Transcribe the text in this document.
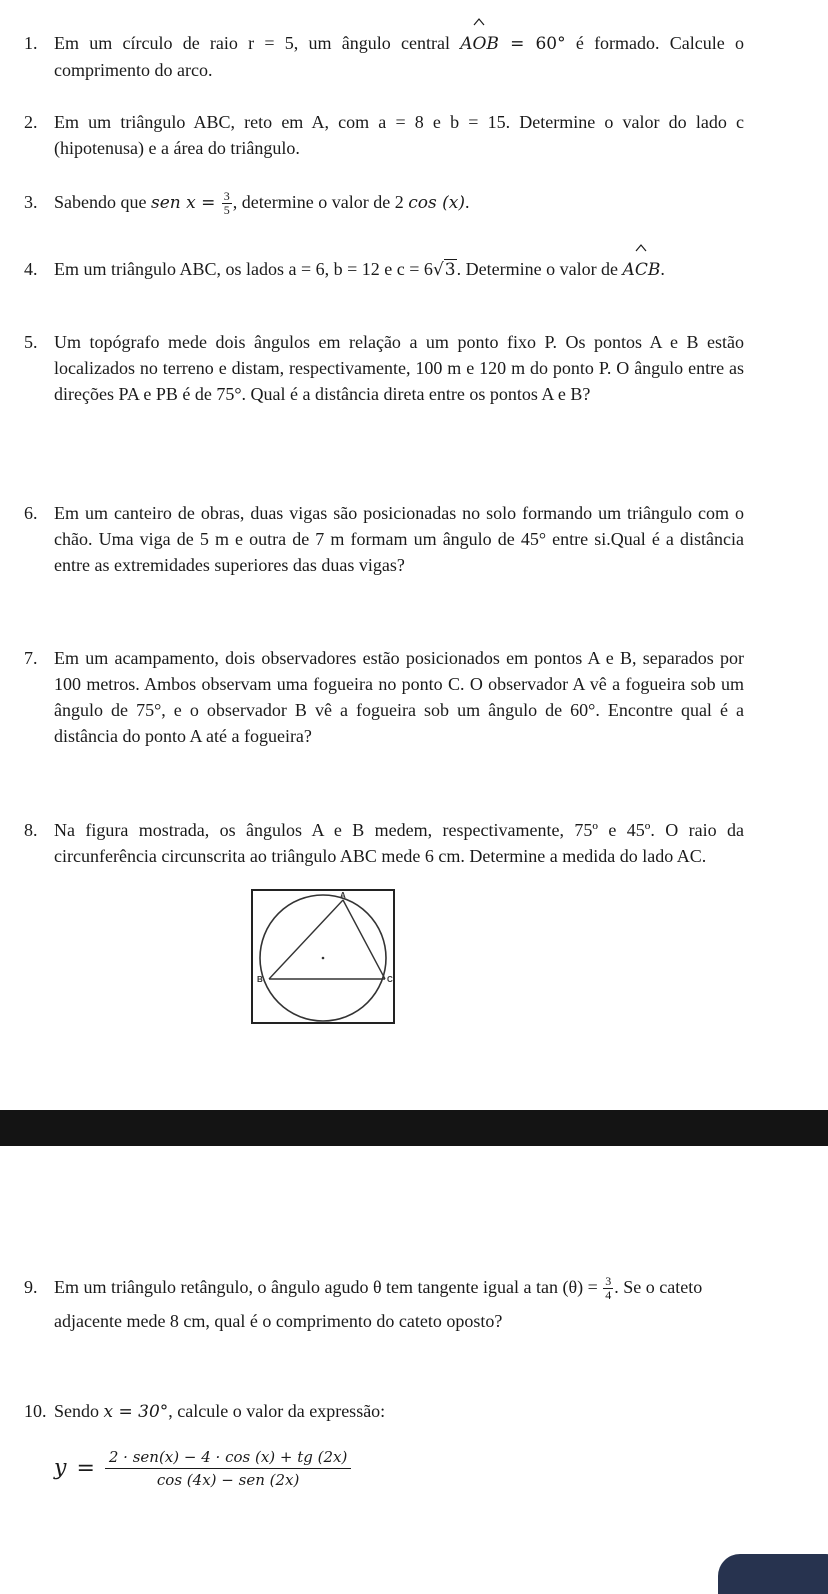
1. Em um círculo de raio r = 5, um ângulo central A
OB = 60° é formado. Calcule o comprimento do arco.
2. Em um triângulo ABC, reto em A, com a = 8 e b = 15. Determine o valor do lado c (hipotenusa) e a área do triângulo.
3. Sabendo que sen $x = \frac{3}{5}$ , determine o valor de 2 cos (x).
4. Em um triângulo ABC, os lados a = 6, b = 12 e c = 6√3. Determine o valor de A
CB.
5. Um topógrafo mede dois ângulos em relação a um ponto fixo P. Os pontos A e B estão localizados no terreno e distam, respectivamente, 100 m e 120 m do ponto P. O ângulo entre as direções PA e PB é de 75°. Qual é a distância direta entre os pontos A e B?
6. Em um canteiro de obras, duas vigas são posicionadas no solo formando um triângulo com o chão. Uma viga de 5 m e outra de 7 m formam um ângulo de 45° entre si.Qual é a distância entre as extremidades superiores das duas vigas?
7. Em um acampamento, dois observadores estão posicionados em pontos A e B, separados por 100 metros. Ambos observam uma fogueira no ponto C. O observador A vê a fogueira sob um ângulo de 75°, e o observador B vê a fogueira sob um ângulo de 60°. Encontre qual é a distância do ponto A até a fogueira?
8. Na figura mostrada, os ângulos A e B medem, respectivamente, 75º e 45º. O raio da circunferência circunscrita ao triângulo ABC mede 6 cm. Determine a medida do lado AC.
A
B	C
9. Em um triângulo retângulo, o ângulo agudo θ tem tangente igual a $\tan (\theta) = \frac{3}{4}$ . Se o cateto adjacente mede 8 cm, qual é o comprimento do cateto oposto?
10. Sendo x = 30°, calcule o valor da expressão:
$y = \frac{\text{2 · sen(x) − 4 · cos (x) + tg (2x)}}{\text{cos (4x) − sen (2x)}}$
